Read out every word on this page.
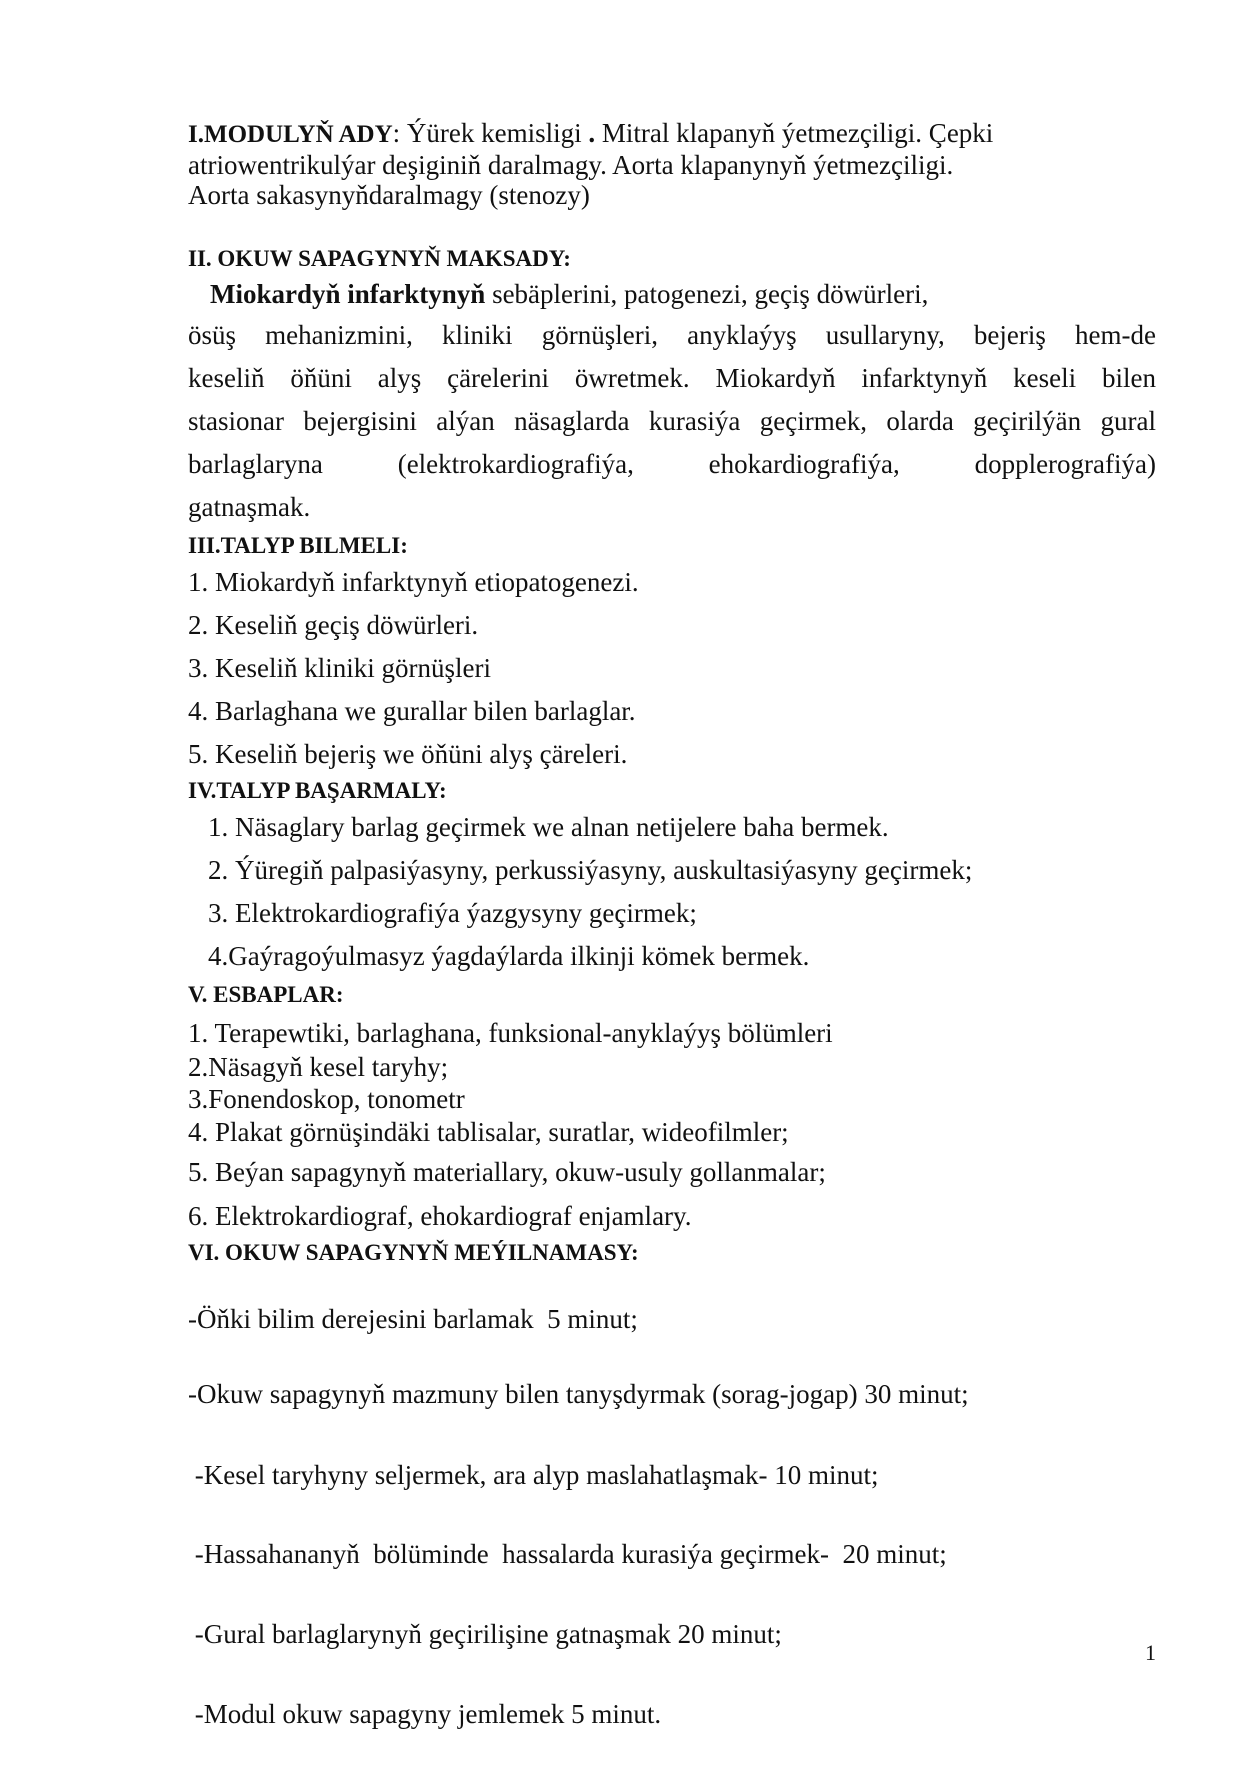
I.MODULYŇ ADY: Ýürek kemisligi . Mitral klapanyň ýetmezçiligi. Çepki

atriowentrikulýar deşiginiň daralmagy. Aorta klapanynyň ýetmezçiligi.

Aorta sakasynyňdaralmagy (stenozy)

II. OKUW SAPAGYNYŇ MAKSADY:

Miokardyň infarktynyň sebäplerini, patogenezi, geçiş döwürleri,

ösüş mehanizmini, kliniki görnüşleri, anyklaýyş usullaryny, bejeriş hem-de

keseliň öňüni alyş çärelerini öwretmek. Miokardyň infarktynyň keseli bilen

stasionar bejergisini alýan näsaglarda kurasiýa geçirmek, olarda geçirilýän gural

barlaglaryna (elektrokardiografiýa, ehokardiografiýa, dopplerografiýa)

gatnaşmak.

III.TALYP BILMELI:

1. Miokardyň infarktynyň etiopatogenezi.
2. Keseliň geçiş döwürleri.
3. Keseliň kliniki görnüşleri
4. Barlaghana we gurallar bilen barlaglar.
5. Keseliň bejeriş we öňüni alyş çäreleri.

IV.TALYP BAŞARMALY:

1. Näsaglary barlag geçirmek we alnan netijelere baha bermek.
2. Ýüregiň palpasiýasyny, perkussiýasyny, auskultasiýasyny geçirmek;
3. Elektrokardiografiýa ýazgysyny geçirmek;
4.Gaýragoýulmasyz ýagdaýlarda ilkinji kömek bermek.

V. ESBAPLAR:

1. Terapewtiki, barlaghana, funksional-anyklaýyş bölümleri
2.Näsagyň kesel taryhy;
3.Fonendoskop, tonometr
4. Plakat görnüşindäki tablisalar, suratlar, wideofilmler;
5. Beýan sapagynyň materiallary, okuw-usuly gollanmalar;
6. Elektrokardiograf, ehokardiograf enjamlary.

VI. OKUW SAPAGYNYŇ MEÝILNAMASY:

-Öňki bilim derejesini barlamak  5 minut;

-Okuw sapagynyň mazmuny bilen tanyşdyrmak (sorag-jogap) 30 minut;

-Kesel taryhyny seljermek, ara alyp maslahatlaşmak- 10 minut;

-Hassahananyň  bölüminde  hassalarda kurasiýa geçirmek-  20 minut;

-Gural barlaglarynyň geçirilişine gatnaşmak 20 minut;

-Modul okuw sapagyny jemlemek 5 minut.

1
